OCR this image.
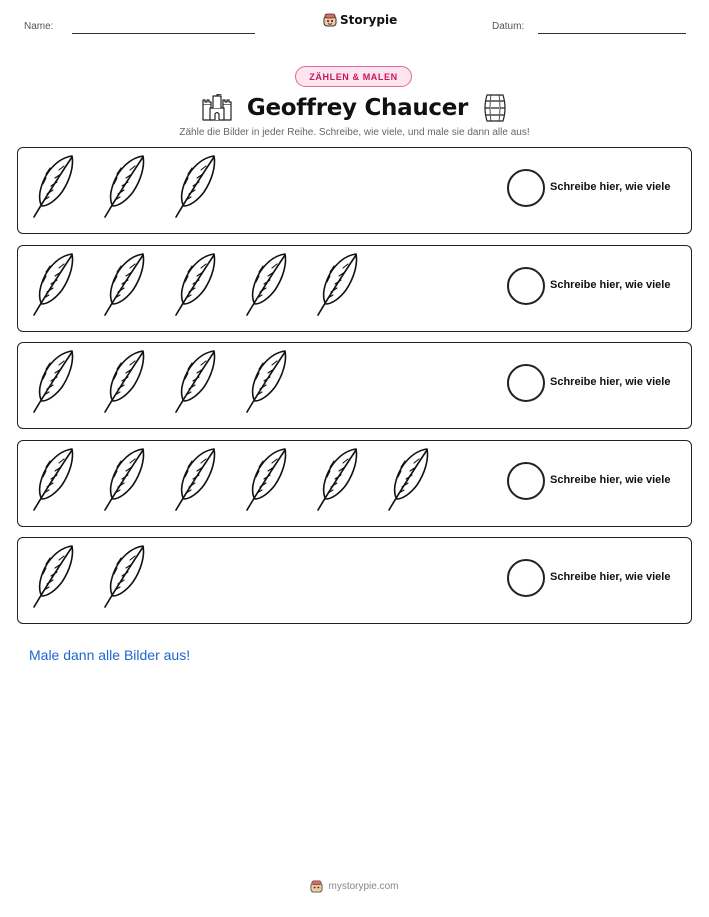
Name:	Storypie	Datum:
ZÄHLEN & MALEN
Geoffrey Chaucer
Zähle die Bilder in jeder Reihe. Schreibe, wie viele, und male sie dann alle aus!
Schreibe hier, wie viele
Schreibe hier, wie viele
Schreibe hier, wie viele
Schreibe hier, wie viele
Schreibe hier, wie viele
Male dann alle Bilder aus!
mystorypie.com
